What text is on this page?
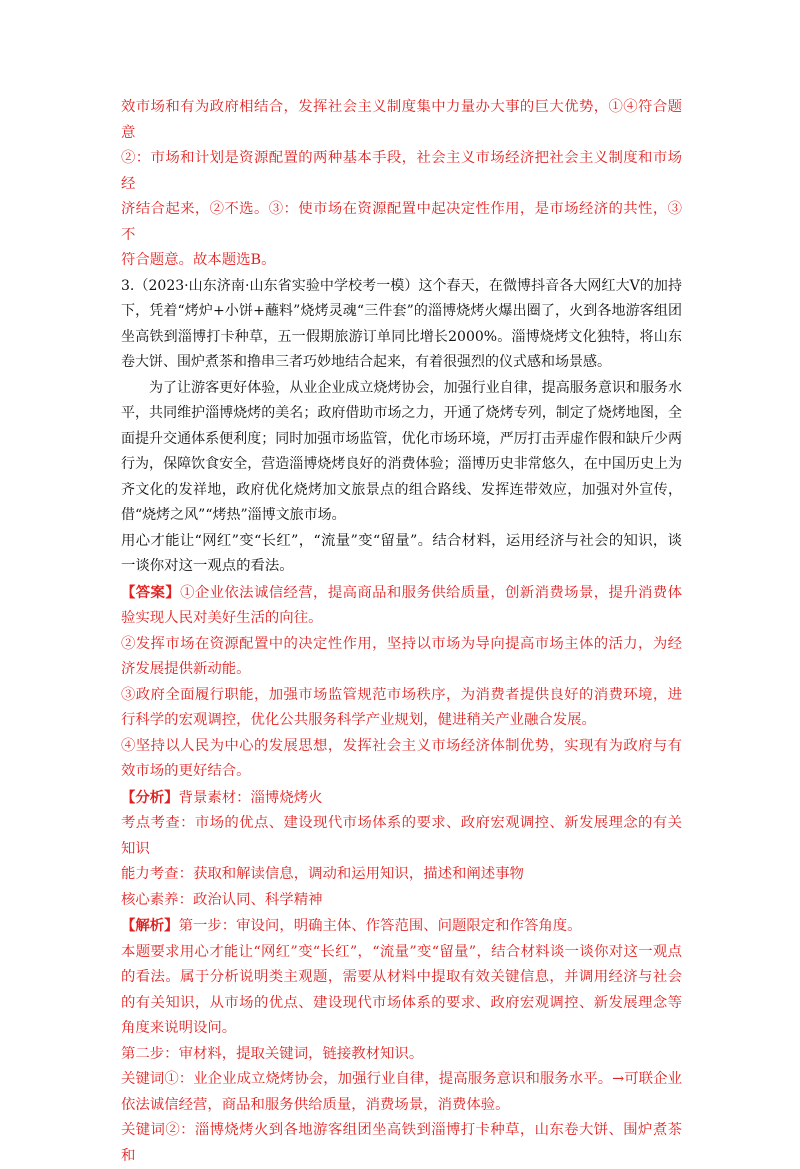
效市场和有为政府相结合，发挥社会主义制度集中力量办大事的巨大优势，①④符合题意

②：市场和计划是资源配置的两种基本手段，社会主义市场经济把社会主义制度和市场经

济结合起来，②不选。③：使市场在资源配置中起决定性作用，是市场经济的共性，③不

符合题意。故本题选B。

3.（2023·山东济南·山东省实验中学校考一模）这个春天，在微博抖音各大网红大V的加持下，凭着“烤炉+小饼+蘸料”烧烤灵魂“三件套”的淄博烧烤火爆出圈了，火到各地游客组团坐高铁到淄博打卡种草，五一假期旅游订单同比增长2000%。淄博烧烤文化独特，将山东卷大饼、围炉煮茶和撸串三者巧妙地结合起来，有着很强烈的仪式感和场景感。

为了让游客更好体验，从业企业成立烧烤协会，加强行业自律，提高服务意识和服务水平，共同维护淄博烧烤的美名；政府借助市场之力，开通了烧烤专列，制定了烧烤地图，全面提升交通体系便利度；同时加强市场监管，优化市场环境，严厉打击弄虚作假和缺斤少两行为，保障饮食安全，营造淄博烧烤良好的消费体验；淄博历史非常悠久，在中国历史上为齐文化的发祥地，政府优化烧烤加文旅景点的组合路线、发挥连带效应，加强对外宣传，借“烧烤之风”“烤热”淄博文旅市场。

用心才能让“网红”变“长红”，“流量”变“留量”。结合材料，运用经济与社会的知识，谈一谈你对这一观点的看法。

【答案】①企业依法诚信经营，提高商品和服务供给质量，创新消费场景，提升消费体验实现人民对美好生活的向往。

②发挥市场在资源配置中的决定性作用，坚持以市场为导向提高市场主体的活力，为经济发展提供新动能。

③政府全面履行职能，加强市场监管规范市场秩序，为消费者提供良好的消费环境，进行科学的宏观调控，优化公共服务科学产业规划，健进稍关产业融合发展。

④坚持以人民为中心的发展思想，发挥社会主义市场经济体制优势，实现有为政府与有效市场的更好结合。

【分析】背景素材：淄博烧烤火

考点考查：市场的优点、建设现代市场体系的要求、政府宏观调控、新发展理念的有关知识

能力考查：获取和解读信息，调动和运用知识，描述和阐述事物

核心素养：政治认同、科学精神

【解析】第一步：审设问，明确主体、作答范围、问题限定和作答角度。

本题要求用心才能让“网红”变“长红”，“流量”变“留量”，结合材料谈一谈你对这一观点的看法。属于分析说明类主观题，需要从材料中提取有效关键信息，并调用经济与社会的有关知识，从市场的优点、建设现代市场体系的要求、政府宏观调控、新发展理念等角度来说明设问。

第二步：审材料，提取关键词，链接教材知识。

关键词①：业企业成立烧烤协会，加强行业自律，提高服务意识和服务水平。→可联企业依法诚信经营，商品和服务供给质量，消费场景，消费体验。

关键词②：淄博烧烤火到各地游客组团坐高铁到淄博打卡种草，山东卷大饼、围炉煮茶和
